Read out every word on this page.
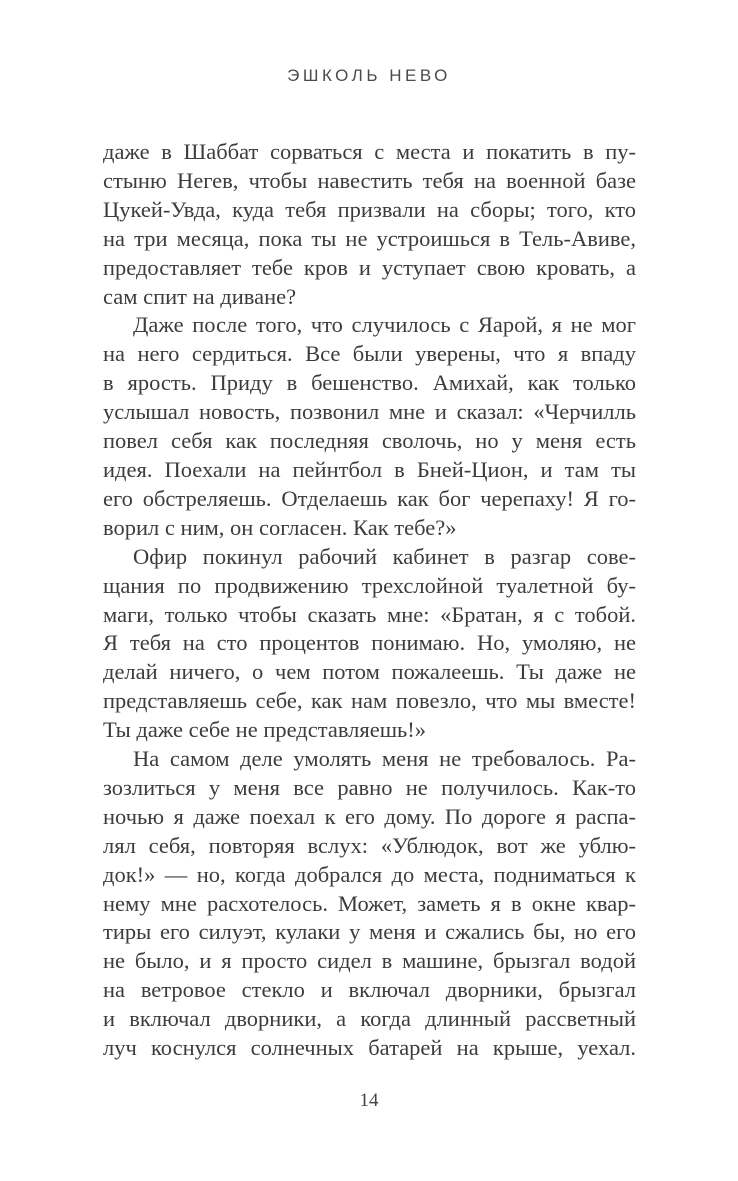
ЭШКОЛЬ НЕВО
даже в Шаббат сорваться с места и покатить в пу-
стыню Негев, чтобы навестить тебя на военной базе
Цукей-Увда, куда тебя призвали на сборы; того, кто
на три месяца, пока ты не устроишься в Тель-Авиве,
предоставляет тебе кров и уступает свою кровать, а
сам спит на диване?
Даже после того, что случилось с Яарой, я не мог
на него сердиться. Все были уверены, что я впаду
в ярость. Приду в бешенство. Амихай, как только
услышал новость, позвонил мне и сказал: «Черчилль
повел себя как последняя сволочь, но у меня есть
идея. Поехали на пейнтбол в Бней-Цион, и там ты
его обстреляешь. Отделаешь как бог черепаху! Я го-
ворил с ним, он согласен. Как тебе?»
Офир покинул рабочий кабинет в разгар сове-
щания по продвижению трехслойной туалетной бу-
маги, только чтобы сказать мне: «Братан, я с тобой.
Я тебя на сто процентов понимаю. Но, умоляю, не
делай ничего, о чем потом пожалеешь. Ты даже не
представляешь себе, как нам повезло, что мы вместе!
Ты даже себе не представляешь!»
На самом деле умолять меня не требовалось. Ра-
зозлиться у меня все равно не получилось. Как-то
ночью я даже поехал к его дому. По дороге я распа-
лял себя, повторяя вслух: «Ублюдок, вот же ублю-
док!» — но, когда добрался до места, подниматься к
нему мне расхотелось. Может, заметь я в окне квар-
тиры его силуэт, кулаки у меня и сжались бы, но его
не было, и я просто сидел в машине, брызгал водой
на ветровое стекло и включал дворники, брызгал
и включал дворники, а когда длинный рассветный
луч коснулся солнечных батарей на крыше, уехал.
14
